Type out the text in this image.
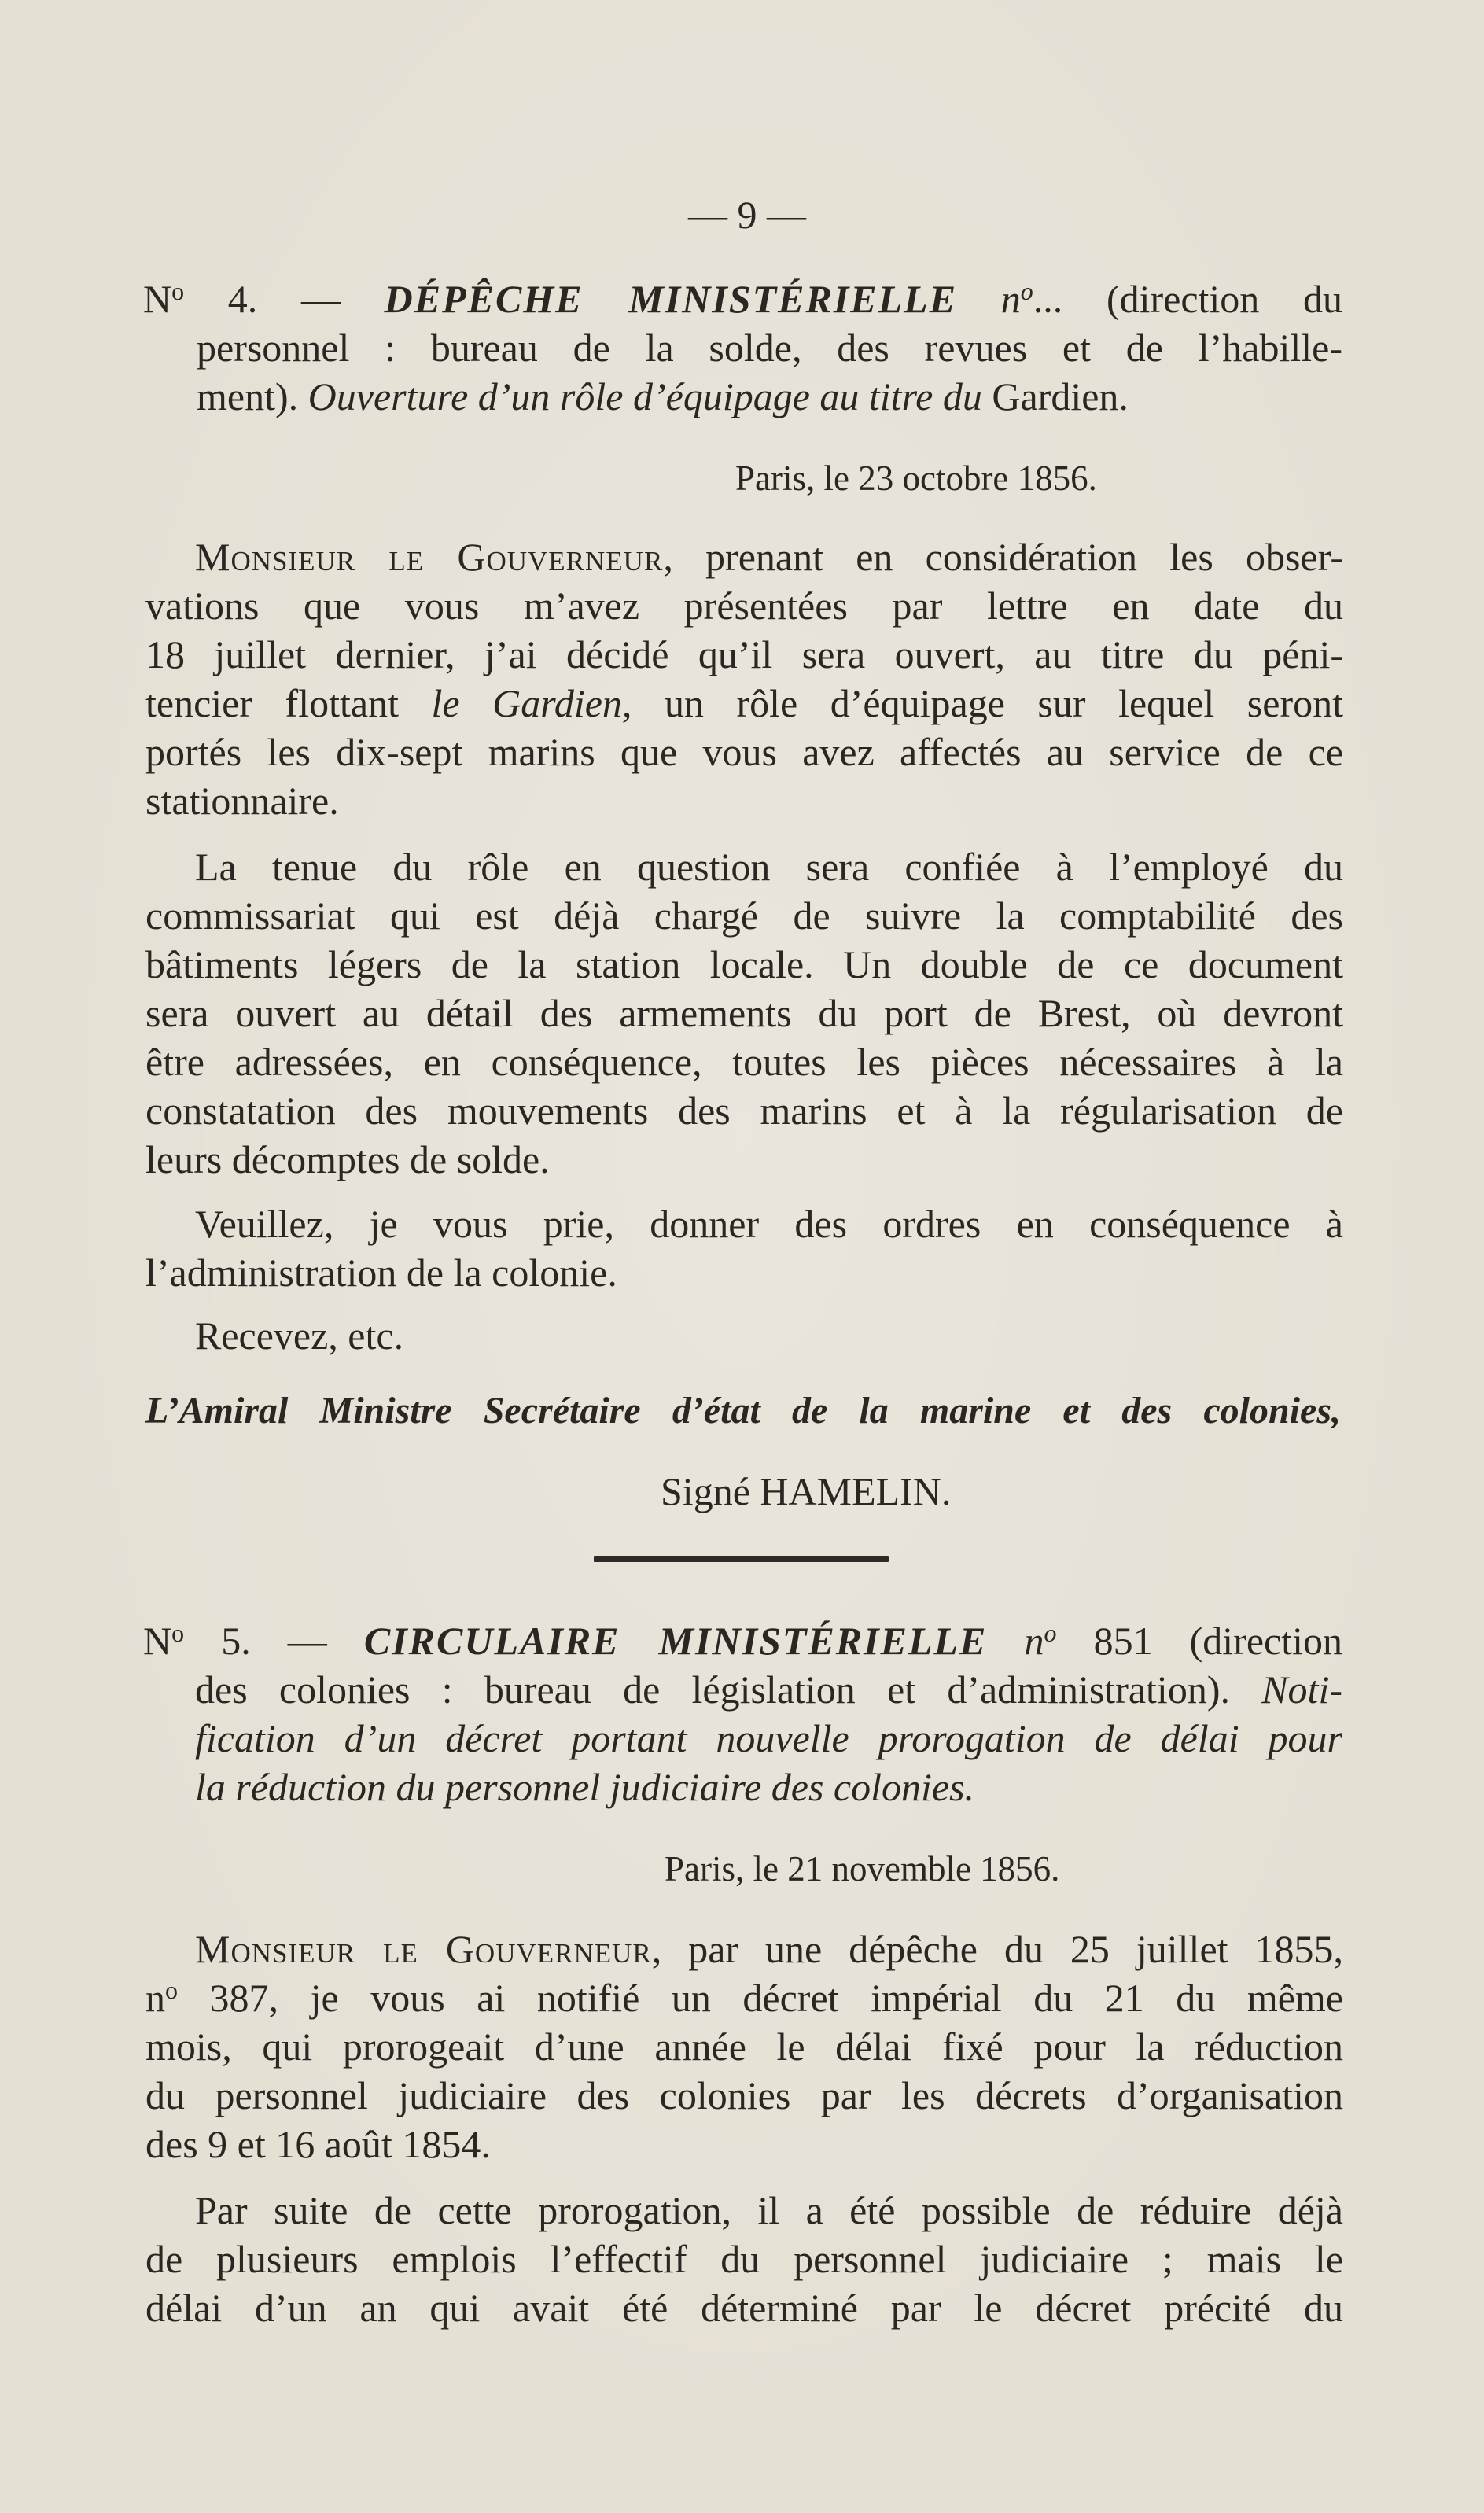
— 9 —
$N^o$ 4. — DÉPÊCHE MINISTÉRIELLE $n^o$... (direction du
personnel : bureau de la solde, des revues et de l’habille-
ment). Ouverture d’un rôle d’équipage au titre du Gardien.
Paris, le 23 octobre 1856.
Monsieur le Gouverneur, prenant en considération les obser-
vations que vous m’avez présentées par lettre en date du
18 juillet dernier, j’ai décidé qu’il sera ouvert, au titre du péni-
tencier flottant le Gardien, un rôle d’équipage sur lequel seront
portés les dix-sept marins que vous avez affectés au service de ce
stationnaire.
La tenue du rôle en question sera confiée à l’employé du
commissariat qui est déjà chargé de suivre la comptabilité des
bâtiments légers de la station locale. Un double de ce document
sera ouvert au détail des armements du port de Brest, où devront
être adressées, en conséquence, toutes les pièces nécessaires à la
constatation des mouvements des marins et à la régularisation de
leurs décomptes de solde.
Veuillez, je vous prie, donner des ordres en conséquence à
l’administration de la colonie.
Recevez, etc.
L’Amiral Ministre Secrétaire d’état de la marine et des colonies,
Signé HAMELIN.
$N^o$ 5. — CIRCULAIRE MINISTÉRIELLE $n^o$ 851 (direction
des colonies : bureau de législation et d’administration). Noti-
fication d’un décret portant nouvelle prorogation de délai pour
la réduction du personnel judiciaire des colonies.
Paris, le 21 novemble 1856.
Monsieur le Gouverneur, par une dépêche du 25 juillet 1855,
$n^o$ 387, je vous ai notifié un décret impérial du 21 du même
mois, qui prorogeait d’une année le délai fixé pour la réduction
du personnel judiciaire des colonies par les décrets d’organisation
des 9 et 16 août 1854.
Par suite de cette prorogation, il a été possible de réduire déjà
de plusieurs emplois l’effectif du personnel judiciaire ; mais le
délai d’un an qui avait été déterminé par le décret précité du
